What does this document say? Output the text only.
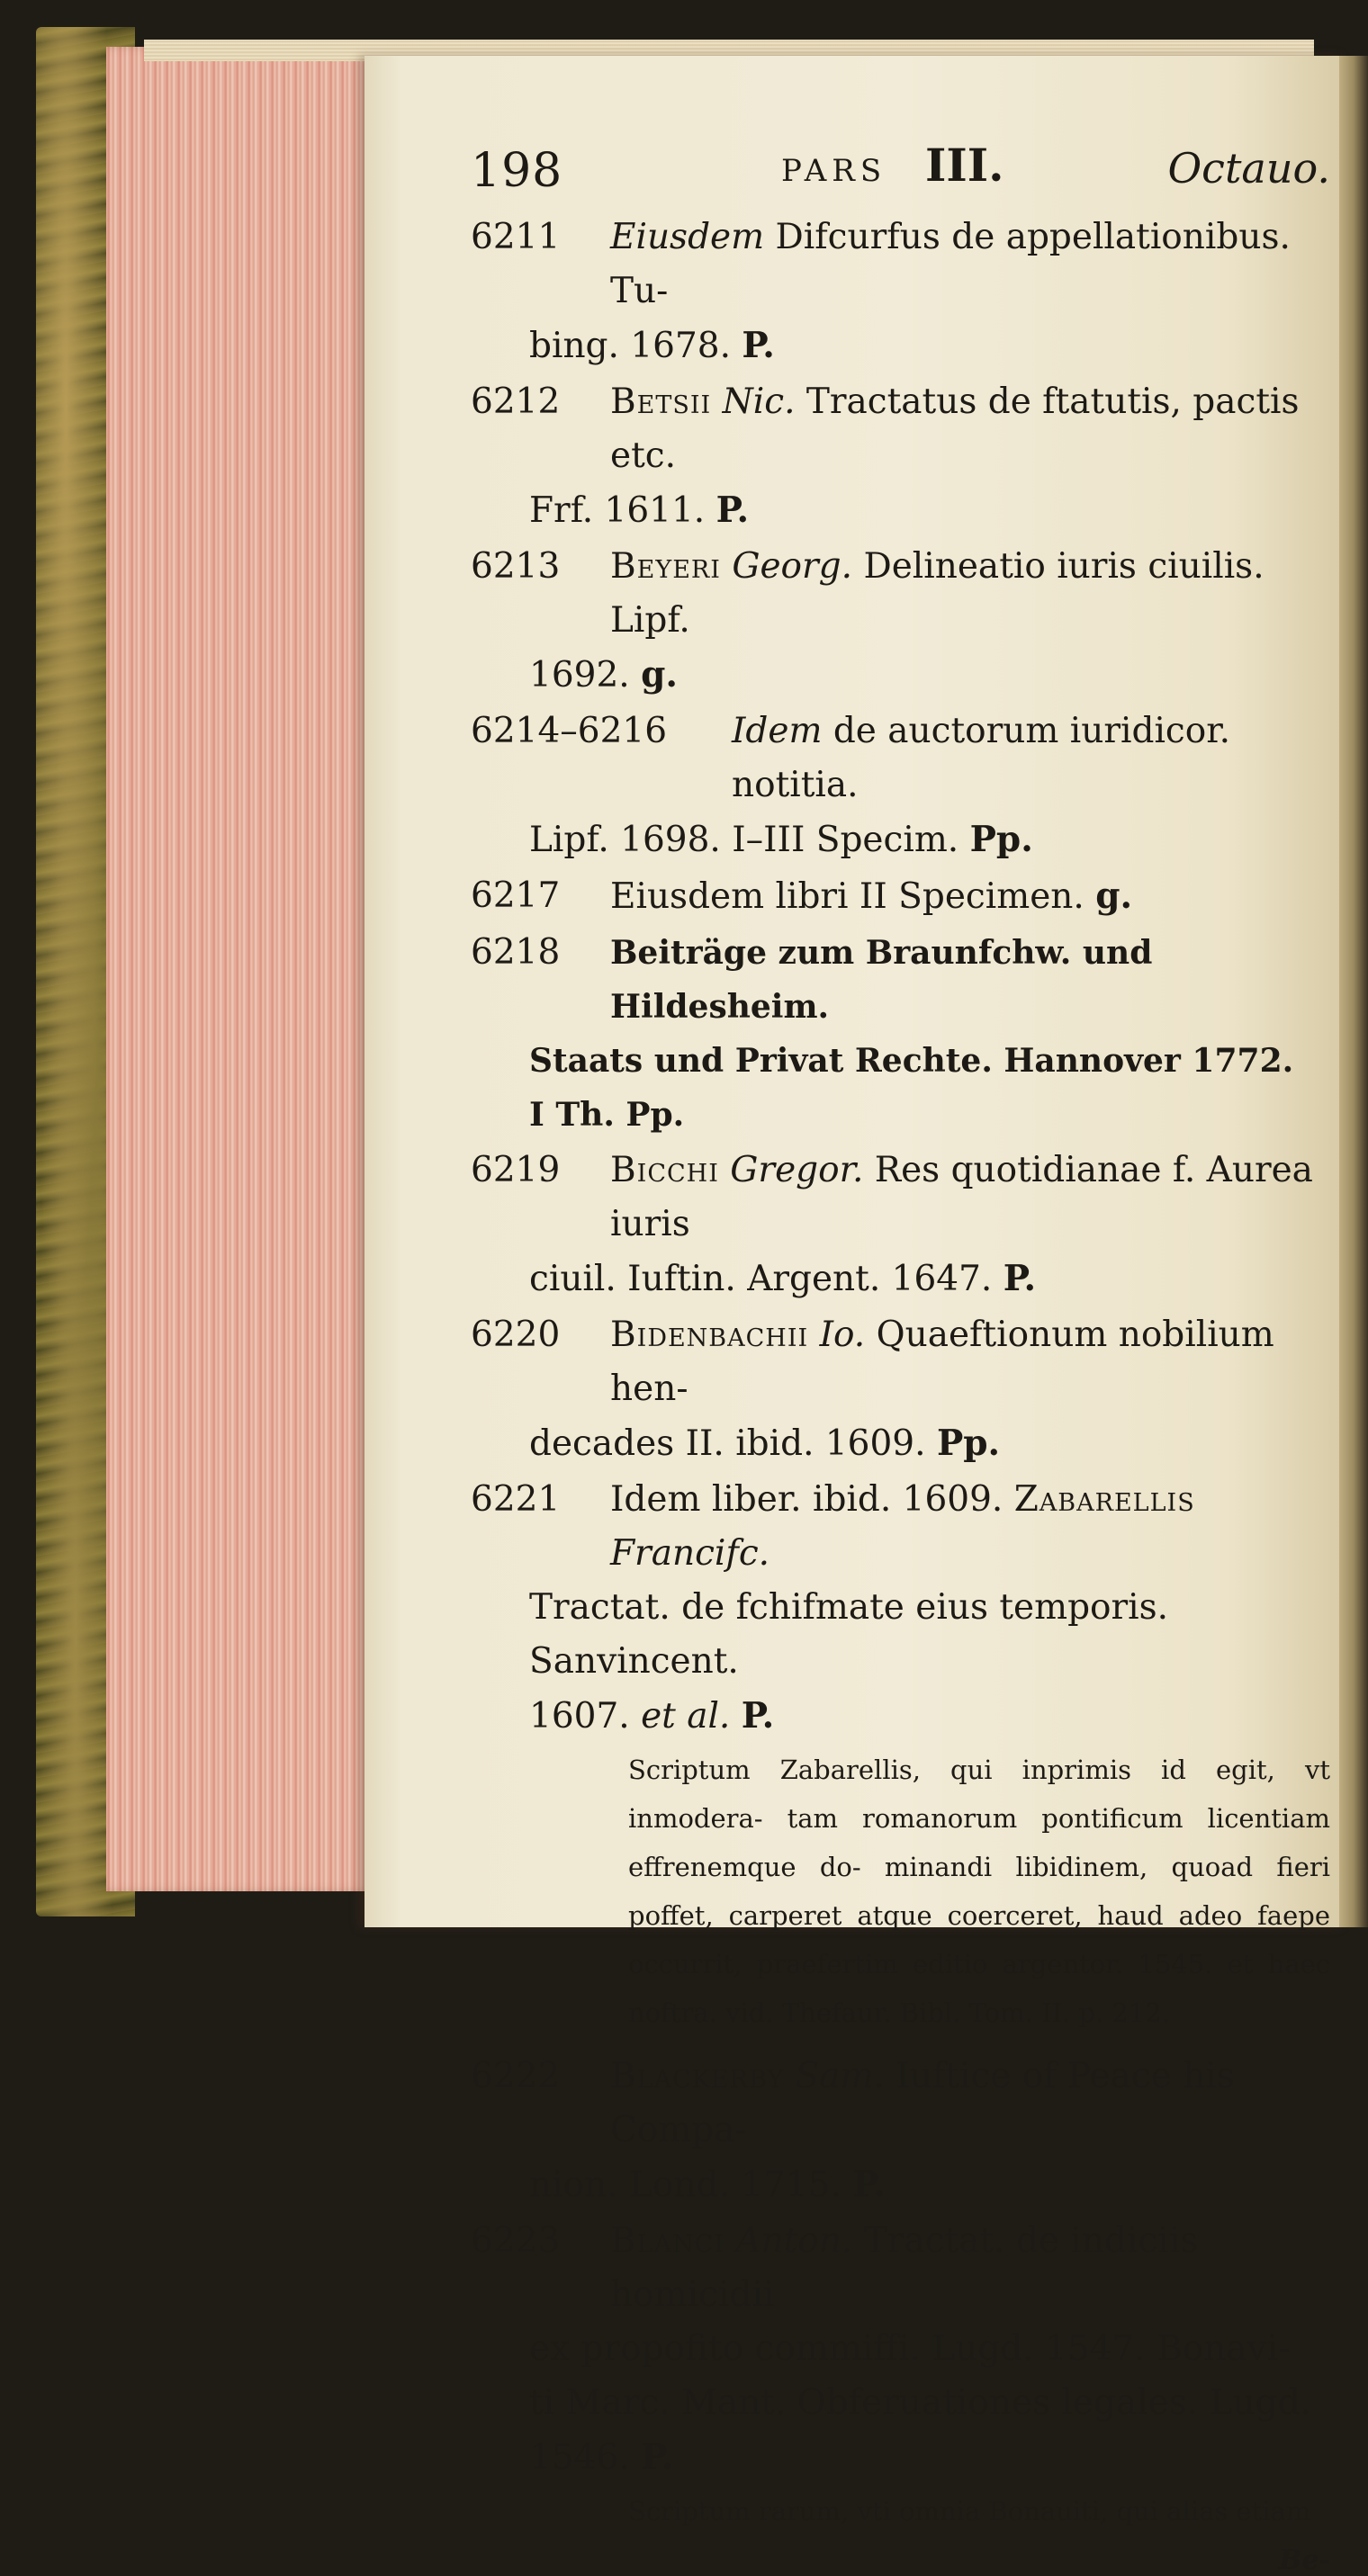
198	PARS III.	Octauo.
6211	Eiusdem Difcurfus de appellationibus. Tu-
bing. 1678. P.
6212	Betsii Nic. Tractatus de ftatutis, pactis etc.
Frf. 1611. P.
6213	Beyeri Georg. Delineatio iuris ciuilis. Lipf.
1692. g.
6214–6216	Idem de auctorum iuridicor. notitia.
Lipf. 1698. I–III Specim. Pp.
6217	Eiusdem libri II Specimen. g.
6218	Beiträge zum Braunfchw. und Hildesheim.
Staats und Privat Rechte. Hannover 1772.
I Th. Pp.
6219	Bicchi Gregor. Res quotidianae f. Aurea iuris
ciuil. Iuftin. Argent. 1647. P.
6220	Bidenbachii Io. Quaeftionum nobilium hen-
decades II. ibid. 1609. Pp.
6221	Idem liber. ibid. 1609. Zabarellis Francifc.
Tractat. de fchifmate eius temporis. Sanvincent.
1607. et al. P.
Scriptum Zabarellis, qui inprimis id egit, vt inmodera- tam romanorum pontificum licentiam effrenemque do- minandi libidinem, quoad fieri poffet, carperet atque coerceret, haud adeo faepe occurrit, praefertim editio argentor. 1545. et haec noftra. vid. Thefaur. Bibl. Tom. II. p. 212.
6222	Blackerby Sam. Iuftice of Peace his Compa-
nion. Lond. 1715. P.
6223	Blanci Anton. Tractat. de indiciis homicidii
ex propofito commiffi. Lugd. 1547. Bonavi-
ti Marc. Mant. Obferuationes legales. Lugd.
1546. P.
Scriptum rarum, vti omnia Bonauiti, qui alias etiam
Be-
